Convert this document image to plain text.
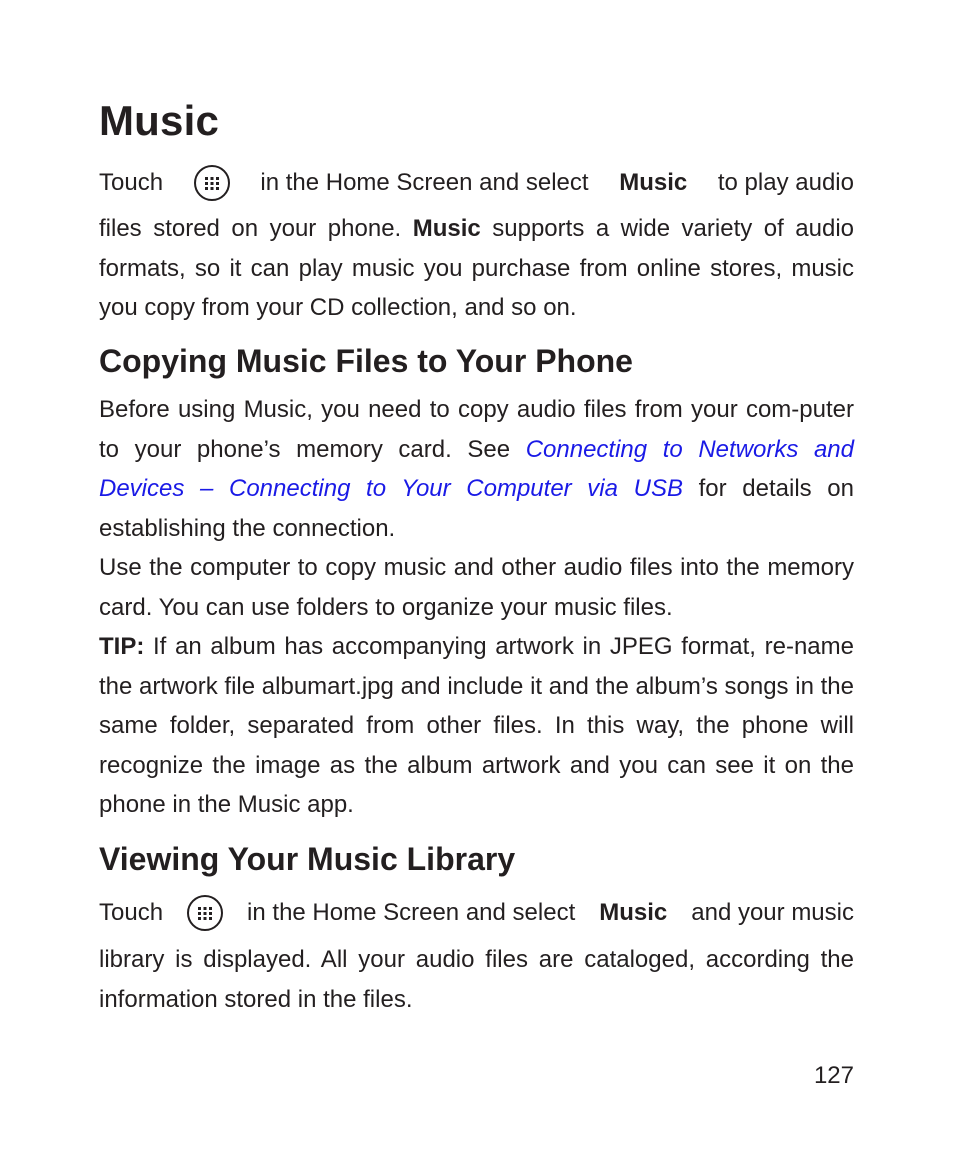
Music
Touch	in the Home Screen and select Music to play audio

files stored on your phone. Music supports a wide variety of audio formats, so it can play music you purchase from online stores, music you copy from your CD collection, and so on.

Copying Music Files to Your Phone

Before using Music, you need to copy audio files from your com-puter to your phone’s memory card. See Connecting to Networks and Devices – Connecting to Your Computer via USB for details on establishing the connection.

Use the computer to copy music and other audio files into the memory card. You can use folders to organize your music files.

TIP: If an album has accompanying artwork in JPEG format, re-name the artwork file albumart.jpg and include it and the album’s songs in the same folder, separated from other files. In this way, the phone will recognize the image as the album artwork and you can see it on the phone in the Music app.

Viewing Your Music Library
Touch	in the Home Screen and select Music and your music

library is displayed. All your audio files are cataloged, according the information stored in the files.

127
